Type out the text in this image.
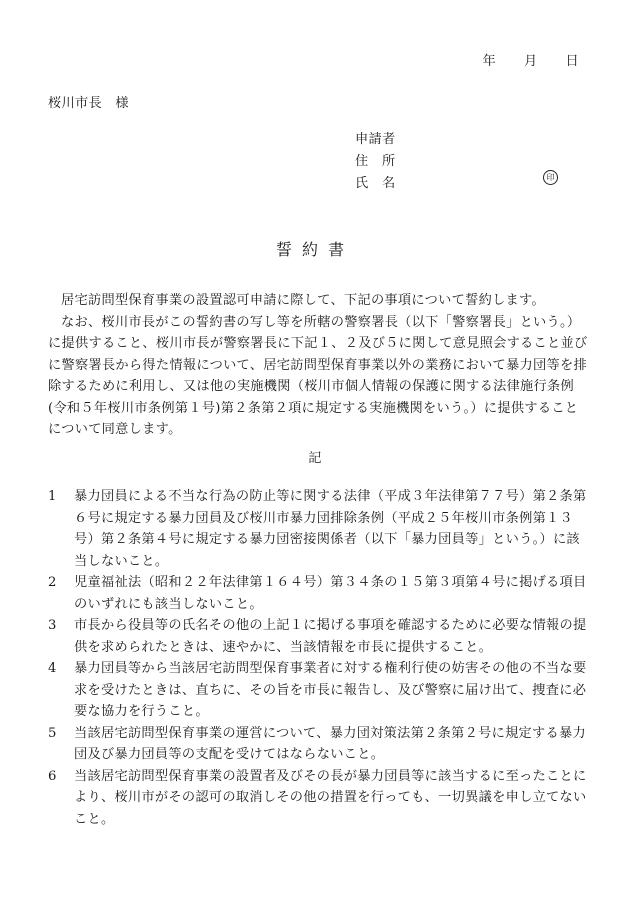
年 月 日
桜川市長　様
申請者
住　所
氏　名	印
誓約書

居宅訪問型保育事業の設置認可申請に際して、下記の事項について誓約します。

なお、桜川市長がこの誓約書の写し等を所轄の警察署長（以下「警察署長」という。）に提供すること、桜川市長が警察署長に下記１、２及び５に関して意見照会すること並びに警察署長から得た情報について、居宅訪問型保育事業以外の業務において暴力団等を排除するために利用し、又は他の実施機関（桜川市個人情報の保護に関する法律施行条例(令和５年桜川市条例第１号)第２条第２項に規定する実施機関をいう。）に提供することについて同意します。

記
1	暴力団員による不当な行為の防止等に関する法律（平成３年法律第７７号）第２条第６号に規定する暴力団員及び桜川市暴力団排除条例（平成２５年桜川市条例第１３号）第２条第４号に規定する暴力団密接関係者（以下「暴力団員等」という。）に該当しないこと。
2	児童福祉法（昭和２２年法律第１６４号）第３４条の１５第３項第４号に掲げる項目のいずれにも該当しないこと。
3	市長から役員等の氏名その他の上記１に掲げる事項を確認するために必要な情報の提供を求められたときは、速やかに、当該情報を市長に提供すること。
4	暴力団員等から当該居宅訪問型保育事業者に対する権利行使の妨害その他の不当な要求を受けたときは、直ちに、その旨を市長に報告し、及び警察に届け出て、捜査に必要な協力を行うこと。
5	当該居宅訪問型保育事業の運営について、暴力団対策法第２条第２号に規定する暴力団及び暴力団員等の支配を受けてはならないこと。
6	当該居宅訪問型保育事業の設置者及びその長が暴力団員等に該当するに至ったことにより、桜川市がその認可の取消しその他の措置を行っても、一切異議を申し立てないこと。
